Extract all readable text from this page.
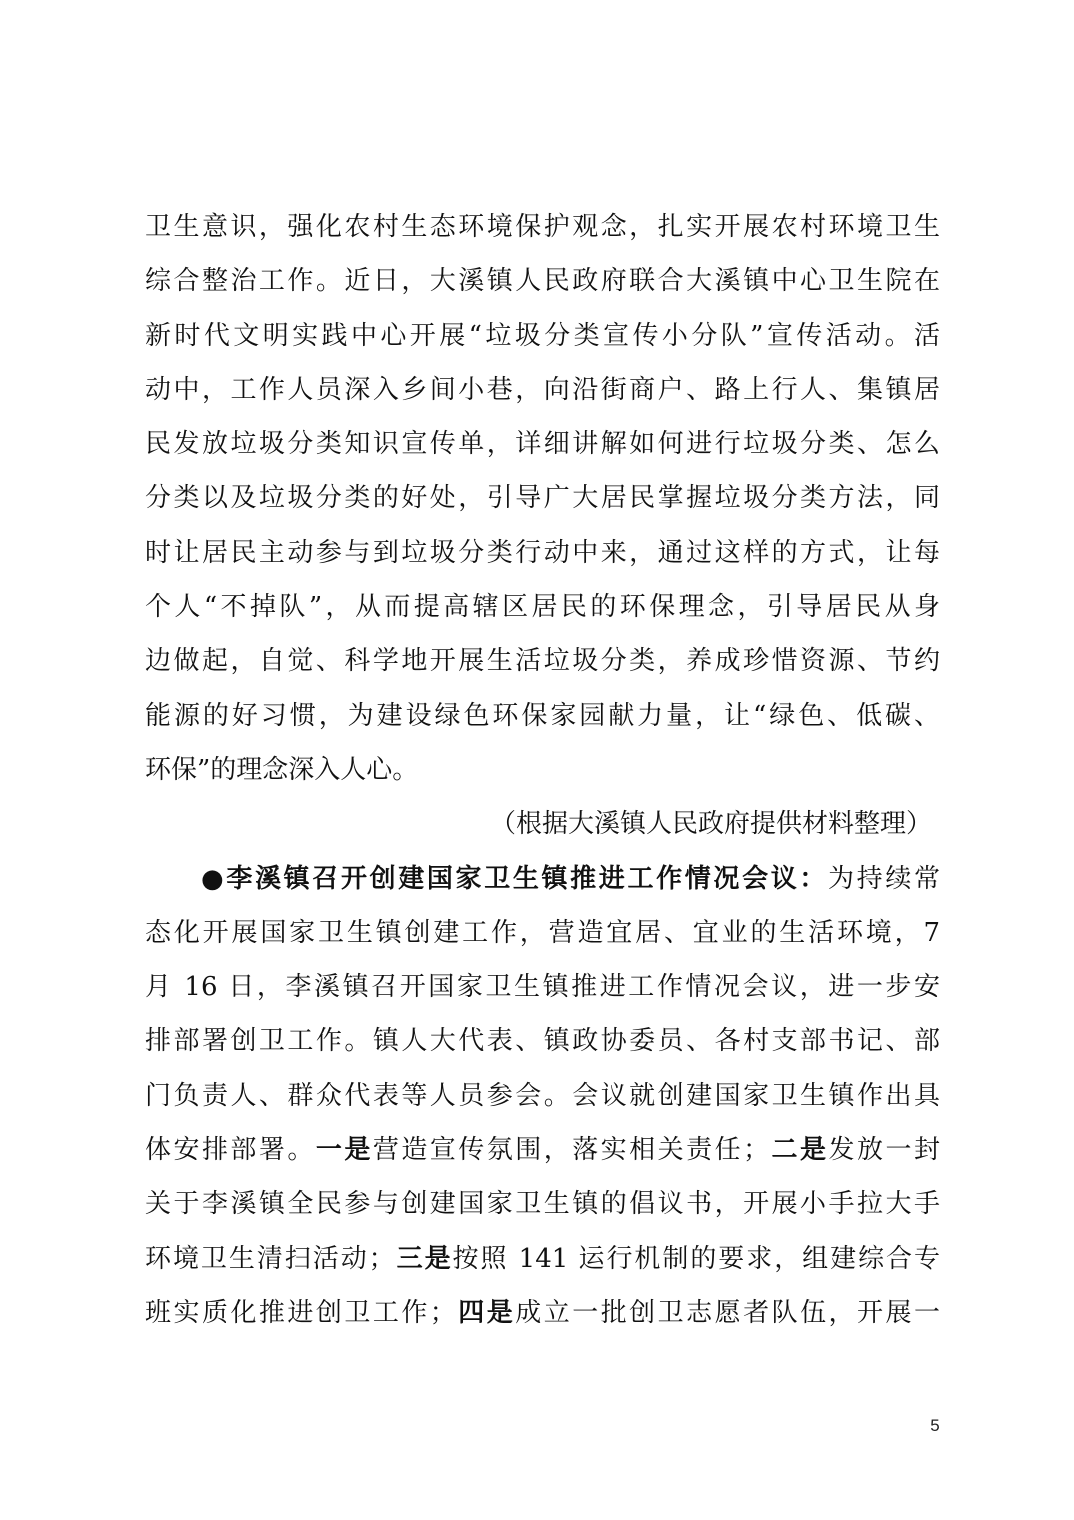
卫生意识，强化农村生态环境保护观念，扎实开展农村环境卫生
综合整治工作。近日，大溪镇人民政府联合大溪镇中心卫生院在
新时代文明实践中心开展“垃圾分类宣传小分队”宣传活动。活
动中，工作人员深入乡间小巷，向沿街商户、路上行人、集镇居
民发放垃圾分类知识宣传单，详细讲解如何进行垃圾分类、怎么
分类以及垃圾分类的好处，引导广大居民掌握垃圾分类方法，同
时让居民主动参与到垃圾分类行动中来，通过这样的方式，让每
个人“不掉队”，从而提高辖区居民的环保理念，引导居民从身
边做起，自觉、科学地开展生活垃圾分类，养成珍惜资源、节约
能源的好习惯，为建设绿色环保家园献力量，让“绿色、低碳、
环保”的理念深入人心。
（根据大溪镇人民政府提供材料整理）
●李溪镇召开创建国家卫生镇推进工作情况会议：为持续常
态化开展国家卫生镇创建工作，营造宜居、宜业的生活环境，7
月 16 日，李溪镇召开国家卫生镇推进工作情况会议，进一步安
排部署创卫工作。镇人大代表、镇政协委员、各村支部书记、部
门负责人、群众代表等人员参会。会议就创建国家卫生镇作出具
体安排部署。一是营造宣传氛围，落实相关责任；二是发放一封
关于李溪镇全民参与创建国家卫生镇的倡议书，开展小手拉大手
环境卫生清扫活动；三是按照 141 运行机制的要求，组建综合专
班实质化推进创卫工作；四是成立一批创卫志愿者队伍，开展一
5
